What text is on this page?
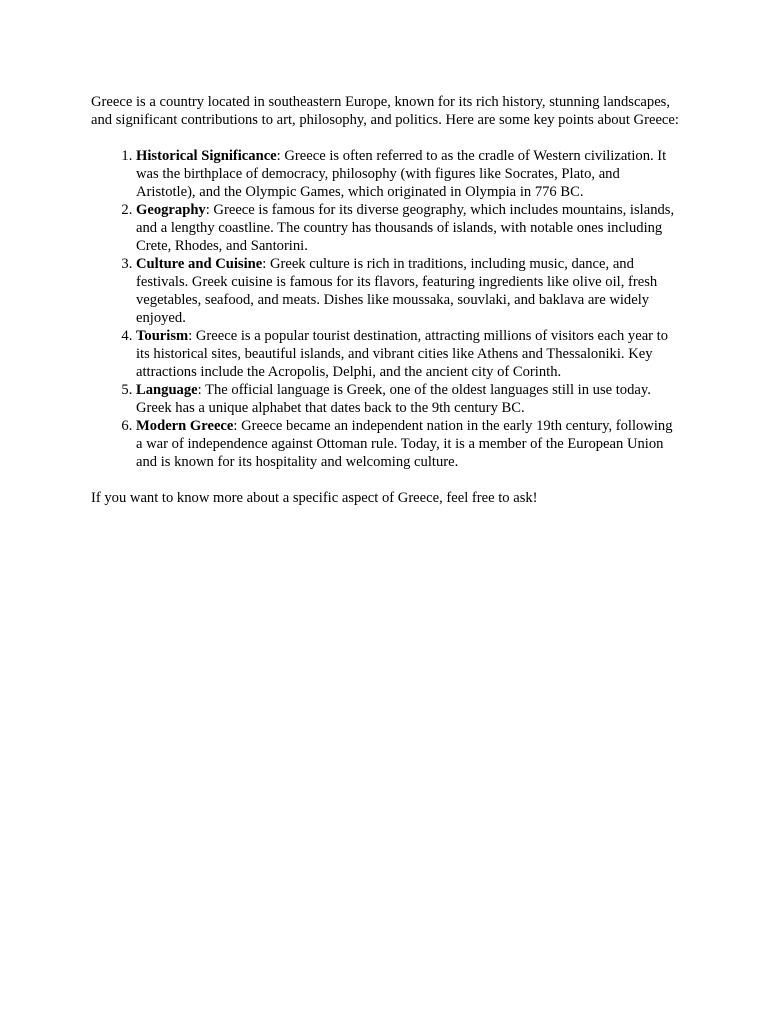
Greece is a country located in southeastern Europe, known for its rich history, stunning landscapes, and significant contributions to art, philosophy, and politics. Here are some key points about Greece:

1. Historical Significance: Greece is often referred to as the cradle of Western civilization. It was the birthplace of democracy, philosophy (with figures like Socrates, Plato, and Aristotle), and the Olympic Games, which originated in Olympia in 776 BC.
2. Geography: Greece is famous for its diverse geography, which includes mountains, islands, and a lengthy coastline. The country has thousands of islands, with notable ones including Crete, Rhodes, and Santorini.
3. Culture and Cuisine: Greek culture is rich in traditions, including music, dance, and festivals. Greek cuisine is famous for its flavors, featuring ingredients like olive oil, fresh vegetables, seafood, and meats. Dishes like moussaka, souvlaki, and baklava are widely enjoyed.
4. Tourism: Greece is a popular tourist destination, attracting millions of visitors each year to its historical sites, beautiful islands, and vibrant cities like Athens and Thessaloniki. Key attractions include the Acropolis, Delphi, and the ancient city of Corinth.
5. Language: The official language is Greek, one of the oldest languages still in use today. Greek has a unique alphabet that dates back to the 9th century BC.
6. Modern Greece: Greece became an independent nation in the early 19th century, following a war of independence against Ottoman rule. Today, it is a member of the European Union and is known for its hospitality and welcoming culture.

If you want to know more about a specific aspect of Greece, feel free to ask!
